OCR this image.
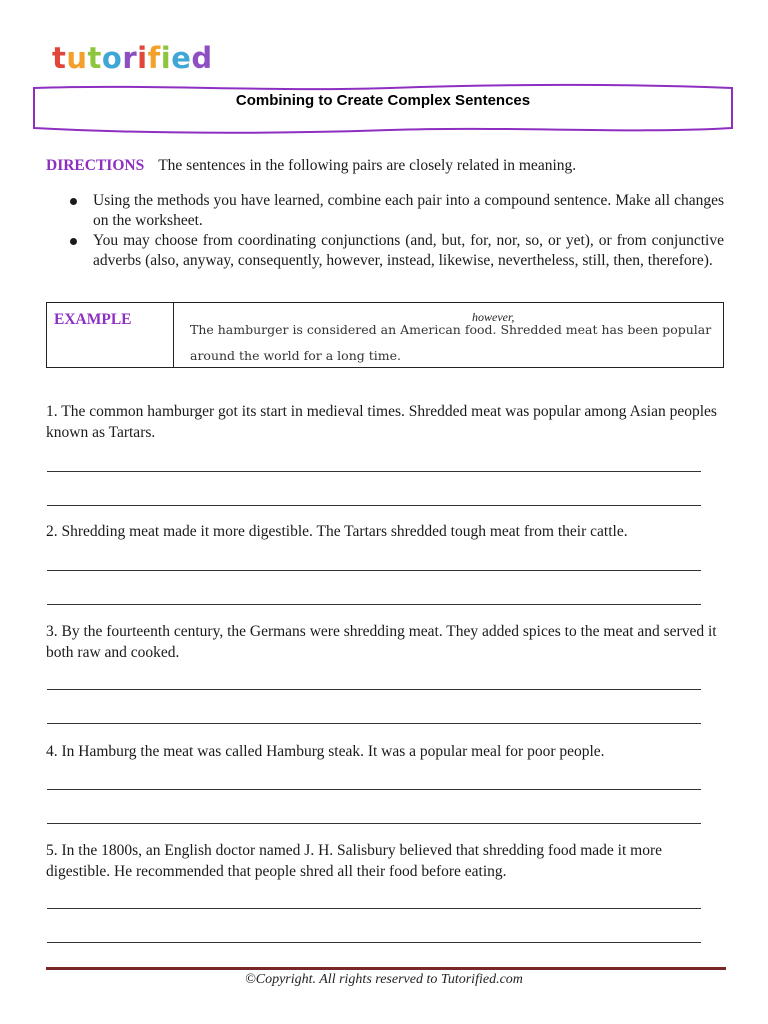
tutorified
Combining to Create Complex Sentences
DIRECTIONS The sentences in the following pairs are closely related in meaning.
Using the methods you have learned, combine each pair into a compound sentence. Make all changes on the worksheet.
You may choose from coordinating conjunctions (and, but, for, nor, so, or yet), or from conjunctive adverbs (also, anyway, consequently, however, instead, likewise, nevertheless, still, then, therefore).
EXAMPLE	however,
The hamburger is considered an American food. Shredded meat has been popular
around the world for a long time.
1. The common hamburger got its start in medieval times. Shredded meat was popular among Asian peoples known as Tartars.
2. Shredding meat made it more digestible. The Tartars shredded tough meat from their cattle.
3. By the fourteenth century, the Germans were shredding meat. They added spices to the meat and served it both raw and cooked.
4. In Hamburg the meat was called Hamburg steak. It was a popular meal for poor people.
5. In the 1800s, an English doctor named J. H. Salisbury believed that shredding food made it more digestible. He recommended that people shred all their food before eating.
©Copyright. All rights reserved to Tutorified.com
